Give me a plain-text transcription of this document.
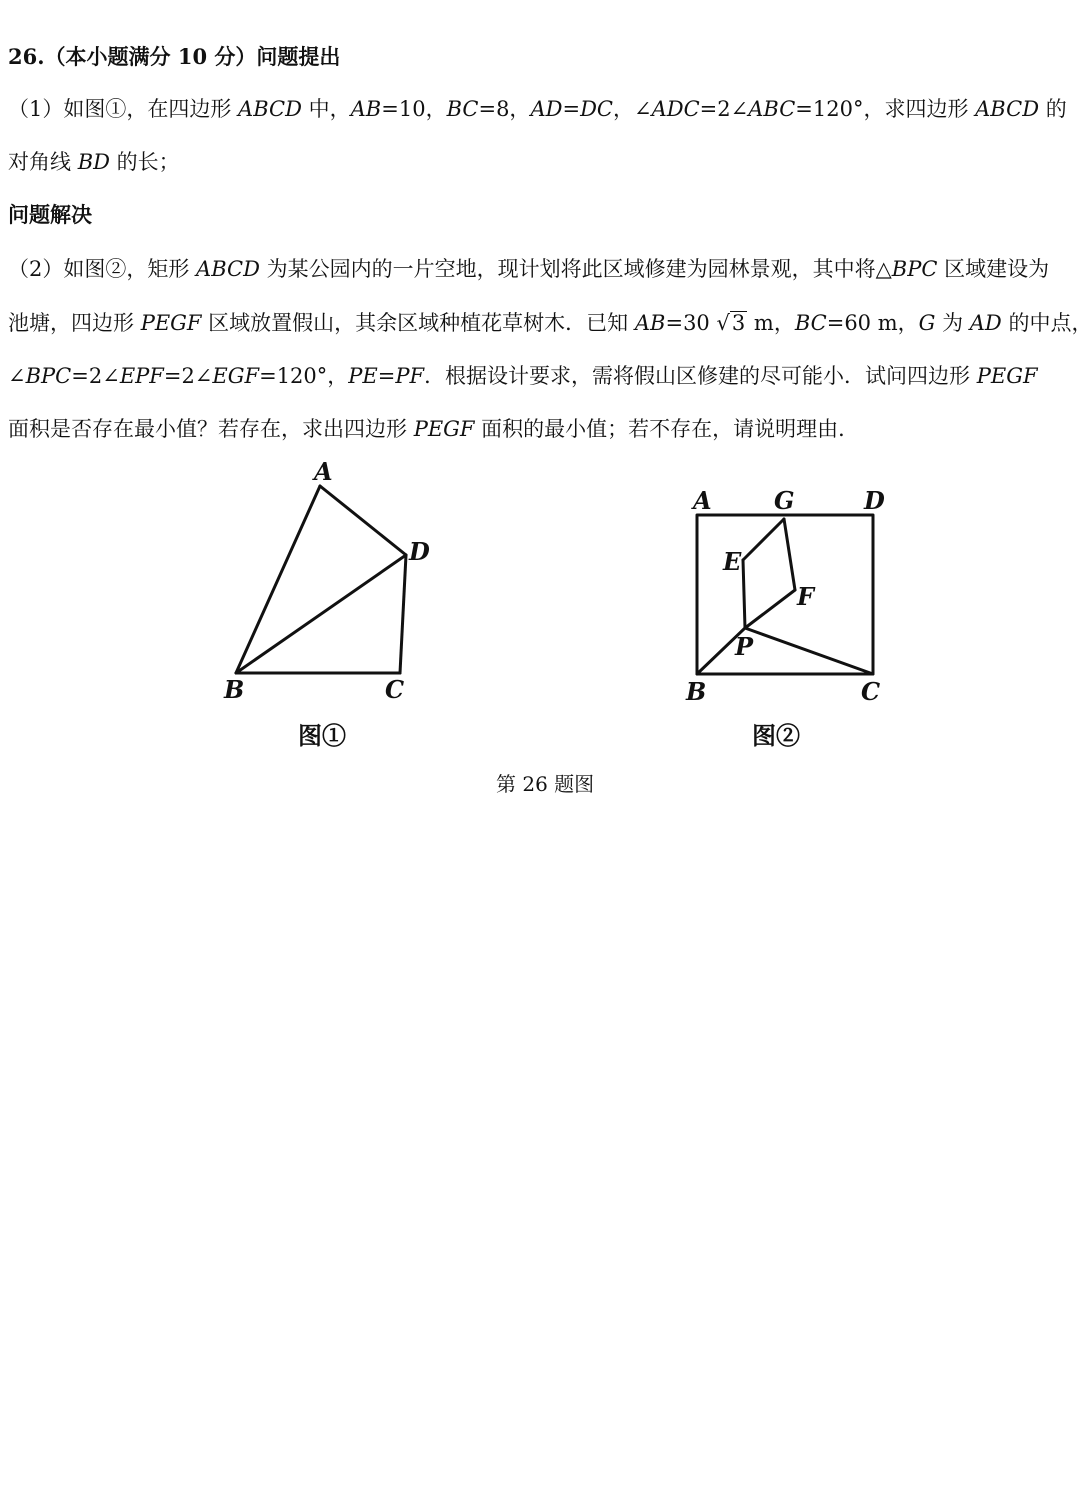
26.（本小题满分 10 分）问题提出
（1）如图①，在四边形 ABCD 中，AB=10，BC=8，AD=DC，∠ADC=2∠ABC=120°，求四边形 ABCD 的
对角线 BD 的长；
问题解决
（2）如图②，矩形 ABCD 为某公园内的一片空地，现计划将此区域修建为园林景观，其中将△BPC 区域建设为
池塘，四边形 PEGF 区域放置假山，其余区域种植花草树木．已知 AB=30 √3 m，BC=60 m，G 为 AD 的中点，
∠BPC=2∠EPF=2∠EGF=120°，PE=PF．根据设计要求，需将假山区修建的尽可能小．试问四边形 PEGF
面积是否存在最小值？若存在，求出四边形 PEGF 面积的最小值；若不存在，请说明理由．
A
D
B	C
A	G	D
E
F
P
B	C
图①	图②
第 26 题图
